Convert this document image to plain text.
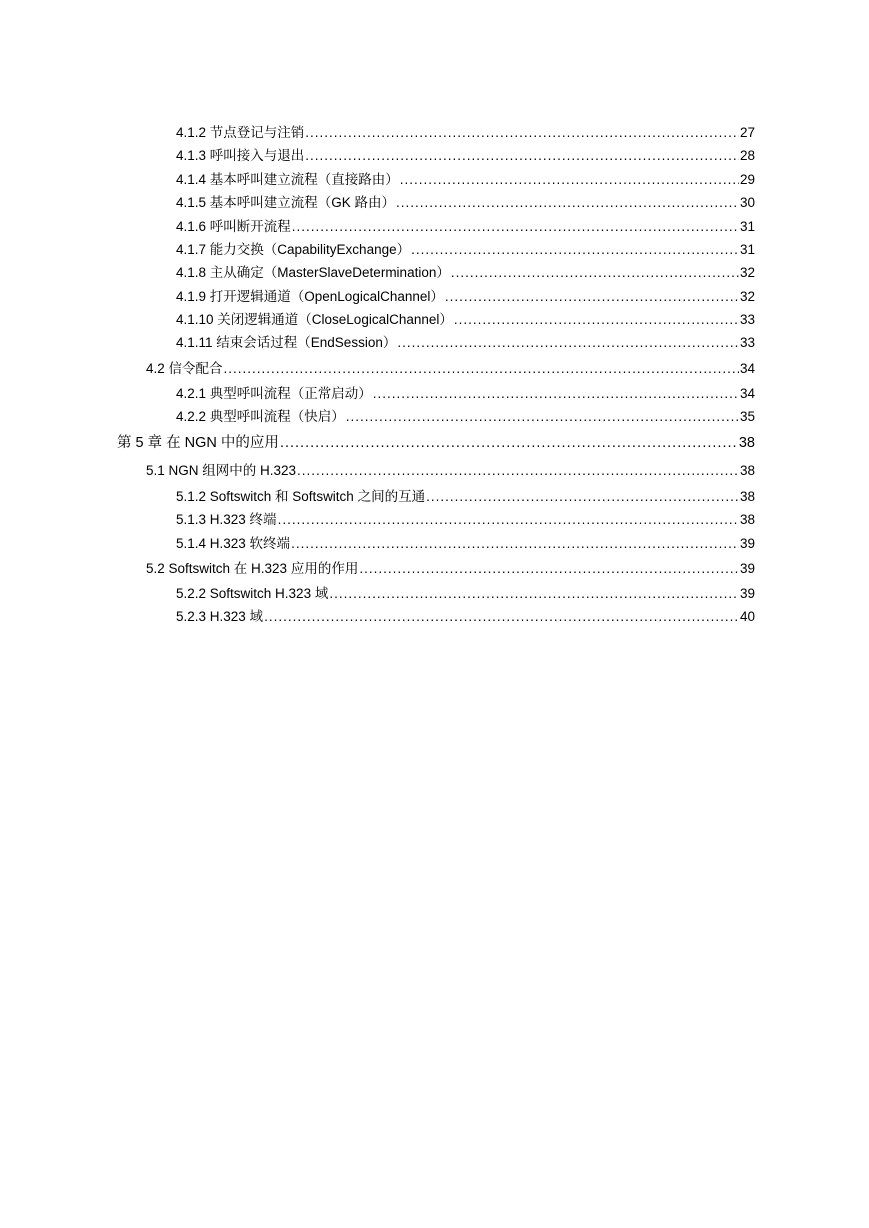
4.1.2 节点登记与注销 .....	27
4.1.3 呼叫接入与退出 .....	28
4.1.4 基本呼叫建立流程（直接路由） .....	29
4.1.5 基本呼叫建立流程（GK 路由） .....	30
4.1.6 呼叫断开流程 .....	31
4.1.7 能力交换（CapabilityExchange） .....	31
4.1.8 主从确定（MasterSlaveDetermination） .....	32
4.1.9 打开逻辑通道（OpenLogicalChannel） .....	32
4.1.10 关闭逻辑通道（CloseLogicalChannel） .....	33
4.1.11 结束会话过程（EndSession） .....	33
4.2 信令配合 .....	34
4.2.1 典型呼叫流程（正常启动） .....	34
4.2.2 典型呼叫流程（快启） .....	35
第 5 章 在 NGN 中的应用 .....	38
5.1 NGN 组网中的 H.323 .....	38
5.1.2 Softswitch 和 Softswitch 之间的互通 .....	38
5.1.3 H.323 终端 .....	38
5.1.4 H.323 软终端 .....	39
5.2 Softswitch 在 H.323 应用的作用 .....	39
5.2.2 Softswitch H.323 域 .....	39
5.2.3 H.323 域 .....	40
